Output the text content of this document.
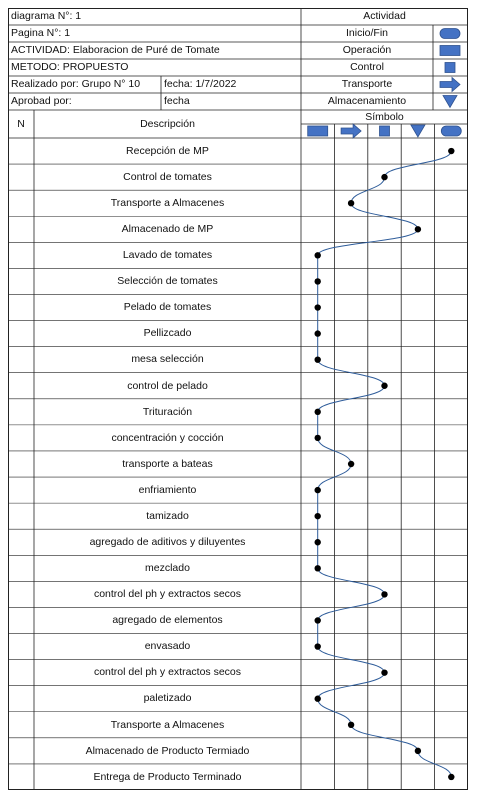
diagrama N°: 1
Pagina N°: 1
ACTIVIDAD: Elaboracion de Puré de Tomate
METODO: PROPUESTO
Realizado por: Grupo N° 10	fecha: 1/7/2022
Aprobad por:	fecha
Actividad
Inicio/Fin
Operación
Control
Transporte
Almacenamiento
N	Descripción
Símbolo
Recepción de MP
Control de tomates
Transporte a Almacenes
Almacenado de MP
Lavado de tomates
Selección de tomates
Pelado de tomates
Pellizcado
mesa selección
control de pelado
Trituración
concentración y cocción
transporte a bateas
enfriamiento
tamizado
agregado de aditivos y diluyentes
mezclado
control del ph y extractos secos
agregado de elementos
envasado
control del ph y extractos secos
paletizado
Transporte a Almacenes
Almacenado de Producto Termiado
Entrega de Producto Terminado
